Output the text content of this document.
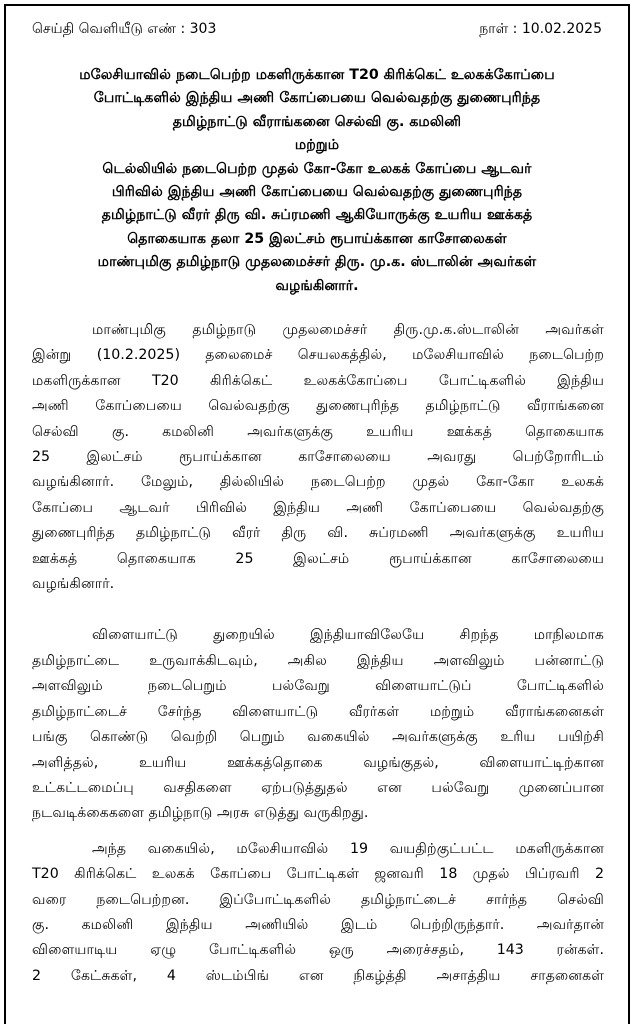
செய்தி வெளியீடு எண் : 303	நாள் : 10.02.2025
மலேசியாவில் நடைபெற்ற மகளிருக்கான T20 கிரிக்கெட் உலகக்கோப்பை
போட்டிகளில் இந்திய அணி கோப்பையை வெல்வதற்கு துணைபுரிந்த
தமிழ்நாட்டு வீராங்கனை செல்வி கு. கமலினி
மற்றும்
டெல்லியில் நடைபெற்ற முதல் கோ-கோ உலகக் கோப்பை ஆடவர்
பிரிவில் இந்திய அணி கோப்பையை வெல்வதற்கு துணைபுரிந்த
தமிழ்நாட்டு வீரர் திரு வி. சுப்ரமணி ஆகியோருக்கு உயரிய ஊக்கத்
தொகையாக தலா 25 இலட்சம் ரூபாய்க்கான காசோலைகள்
மாண்புமிகு தமிழ்நாடு முதலமைச்சர் திரு. மு.க. ஸ்டாலின் அவர்கள்
வழங்கினார்.
மாண்புமிகு தமிழ்நாடு முதலமைச்சர் திரு.மு.க.ஸ்டாலின் அவர்கள்
இன்று (10.2.2025) தலைமைச் செயலகத்தில், மலேசியாவில் நடைபெற்ற
மகளிருக்கான T20 கிரிக்கெட் உலகக்கோப்பை போட்டிகளில் இந்திய
அணி கோப்பையை வெல்வதற்கு துணைபுரிந்த தமிழ்நாட்டு வீராங்கனை
செல்வி கு. கமலினி அவர்களுக்கு உயரிய ஊக்கத் தொகையாக
25 இலட்சம் ரூபாய்க்கான காசோலையை அவரது பெற்றோரிடம்
வழங்கினார். மேலும், தில்லியில் நடைபெற்ற முதல் கோ-கோ உலகக்
கோப்பை ஆடவர் பிரிவில் இந்திய அணி கோப்பையை வெல்வதற்கு
துணைபுரிந்த தமிழ்நாட்டு வீரர் திரு வி. சுப்ரமணி அவர்களுக்கு உயரிய
ஊக்கத் தொகையாக 25 இலட்சம் ரூபாய்க்கான காசோலையை
வழங்கினார்.
விளையாட்டு துறையில் இந்தியாவிலேயே சிறந்த மாநிலமாக
தமிழ்நாட்டை உருவாக்கிடவும், அகில இந்திய அளவிலும் பன்னாட்டு
அளவிலும் நடைபெறும் பல்வேறு விளையாட்டுப் போட்டிகளில்
தமிழ்நாட்டைச் சேர்ந்த விளையாட்டு வீரர்கள் மற்றும் வீராங்கனைகள்
பங்கு கொண்டு வெற்றி பெறும் வகையில் அவர்களுக்கு உரிய பயிற்சி
அளித்தல், உயரிய ஊக்கத்தொகை வழங்குதல், விளையாட்டிற்கான
உட்கட்டமைப்பு வசதிகளை ஏற்படுத்துதல் என பல்வேறு முனைப்பான
நடவடிக்கைகளை தமிழ்நாடு அரசு எடுத்து வருகிறது.
அந்த வகையில், மலேசியாவில் 19 வயதிற்குட்பட்ட மகளிருக்கான
T20 கிரிக்கெட் உலகக் கோப்பை போட்டிகள் ஜனவரி 18 முதல் பிப்ரவரி 2
வரை நடைபெற்றன. இப்போட்டிகளில் தமிழ்நாட்டைச் சார்ந்த செல்வி
கு. கமலினி இந்திய அணியில் இடம் பெற்றிருந்தார். அவர்தான்
விளையாடிய ஏழு போட்டிகளில் ஒரு அரைச்சதம், 143 ரன்கள்.
2 கேட்சுகள், 4 ஸ்டம்பிங் என நிகழ்த்தி அசாத்திய சாதனைகள்
